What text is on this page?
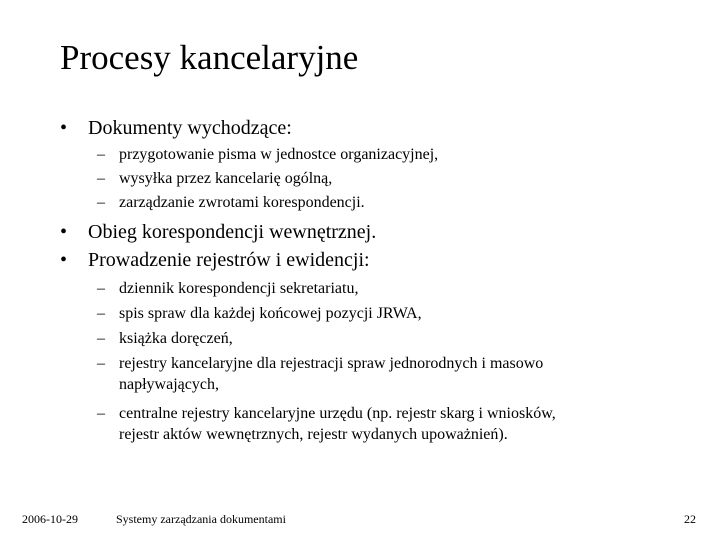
Procesy kancelaryjne
• Dokumenty wychodzące:
– przygotowanie pisma w jednostce organizacyjnej,
– wysyłka przez kancelarię ogólną,
– zarządzanie zwrotami korespondencji.
• Obieg korespondencji wewnętrznej.
• Prowadzenie rejestrów i ewidencji:
– dziennik korespondencji sekretariatu,
– spis spraw dla każdej końcowej pozycji JRWA,
– książka doręczeń,
– rejestry kancelaryjne dla rejestracji spraw jednorodnych i masowo
napływających,
– centralne rejestry kancelaryjne urzędu (np. rejestr skarg i wniosków,
rejestr aktów wewnętrznych, rejestr wydanych upoważnień).
2006-10-29	Systemy zarządzania dokumentami	22
